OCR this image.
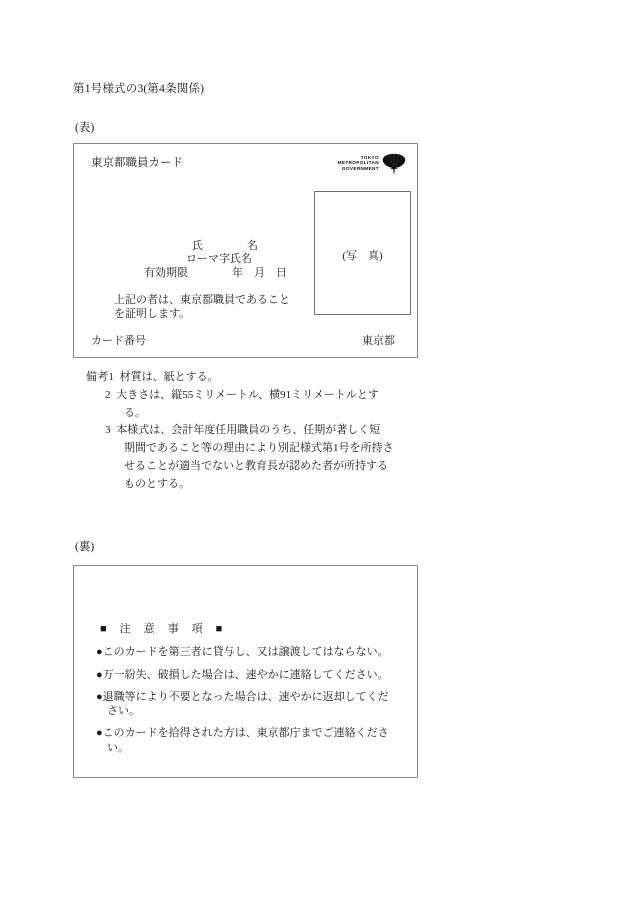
第1号様式の3(第4条関係)
(表)
東京都職員カード	TOKYO
METROPOLITAN
GOVERNMENT
(写　真)
氏　　　　名
ローマ字氏名
有効期限　　　　年　月　日
上記の者は、東京都職員であること
を証明します。
カード番号	東京都
備考1 材質は、紙とする。
2 大きさは、縦55ミリメートル、横91ミリメートルとす
る。
3 本様式は、会計年度任用職員のうち、任期が著しく短
期間であること等の理由により別記様式第1号を所持さ
せることが適当でないと教育長が認めた者が所持する
ものとする。
(裏)
■　注　意　事　項　■
●このカードを第三者に貸与し、又は譲渡してはならない。
●万一紛失、破損した場合は、速やかに連絡してください。
●退職等により不要となった場合は、速やかに返却してくだ
さい。
●このカードを拾得された方は、東京都庁までご連絡くださ
い。
